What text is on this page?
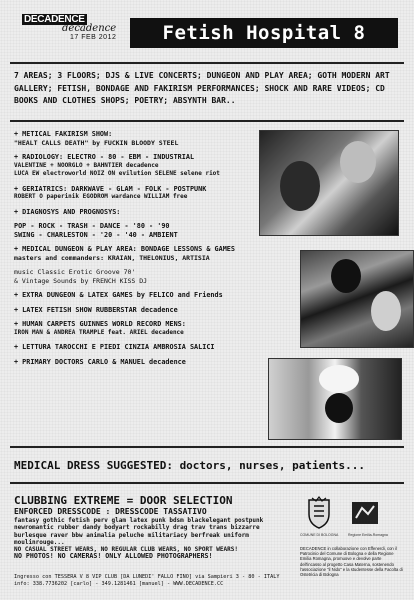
DECADENCE
decadence
17 FEB 2012	Fetish Hospital 8
7 AREAS; 3 FLOORS; DJS & LIVE CONCERTS; DUNGEON AND PLAY AREA; GOTH MODERN ART GALLERY; FETISH, BONDAGE AND FAKIRISM PERFORMANCES; SHOCK AND RARE VIDEOS; CD BOOKS AND CLOTHES SHOPS; POETRY; ABSYNTH BAR..
+ METICAL FAKIRISM SHOW:
"HEALT CALLS DEATH" by FUCKIN BLOODY STEEL
+ RADIOLOGY: ELECTRO - 80 - EBM - INDUSTRIAL
VALENTINE + NOORGLO + BAHNTIER decadence
LUCA EW electroworld NOIZ ON evilution SELENE selene riot
+ GERIATRICS: DARKWAVE - GLAM - FOLK - POSTPUNK
ROBERT O paperinik EGODROM wardance WILLIAM free
+ DIAGNOSYS AND PROGNOSYS:
POP - ROCK - TRASH - DANCE - '80 - '90
SWING - CHARLESTON - '20 - '40 - AMBIENT
+ MEDICAL DUNGEON & PLAY AREA: BONDAGE LESSONS & GAMES
masters and commanders: KRAIAN, THELONIUS, ARTISIA
music Classic Erotic Groove 70'
& Vintage Sounds by FRENCH KISS DJ
+ EXTRA DUNGEON & LATEX GAMES by FELICO and Friends
+ LATEX FETISH SHOW RUBBERSTAR decadence
+ HUMAN CARPETS GUINNES WORLD RECORD MENS:
IRON MAN & ANDREA TRAMPLE feat. ARIEL decadence
+ LETTURA TAROCCHI E PIEDI CINZIA AMBROSIA SALICI
+ PRIMARY DOCTORS CARLO & MANUEL decadence
MEDICAL DRESS SUGGESTED: doctors, nurses, patients...
CLUBBING EXTREME = DOOR SELECTION
ENFORCED DRESSCODE : DRESSCODE TASSATIVO
fantasy gothic fetish perv glam latex punk bdsm blackelegant postpunk newromantic rubber dandy bodyart rockabilly drag trav trans bizzarre burlesque raver bbw animalia peluche militariacy berfreak uniform moulinrouge...
NO CASUAL STREET WEARS, NO REGULAR CLUB WEARS, NO SPORT WEARS!
NO PHOTOS! NO CAMERAS! ONLY ALLOWED PHOTOGRAPHERS!
Ingresso con TESSERA V 8 VIP CLUB [DA LUNEDI' FALLO FINO] via Sampieri 3 - 80 - ITALY
info: 338.7736202 [carlo] - 349.1281461 [manuel] - WWW.DECADENCE.CC
COMUNE DI BOLOGNA	Regione Emilia-Romagna
DECADENCE in collaborazione con Effenerdi, con il Patrocinio del Comune di Bologna e della Regione Emilia Romagna, promuove e devolve parte dell'incasso al progetto Casa Materna, sostenendo l'associazione "il Nido" e la studentesse della Facolta di Ostetricia di Bologna
